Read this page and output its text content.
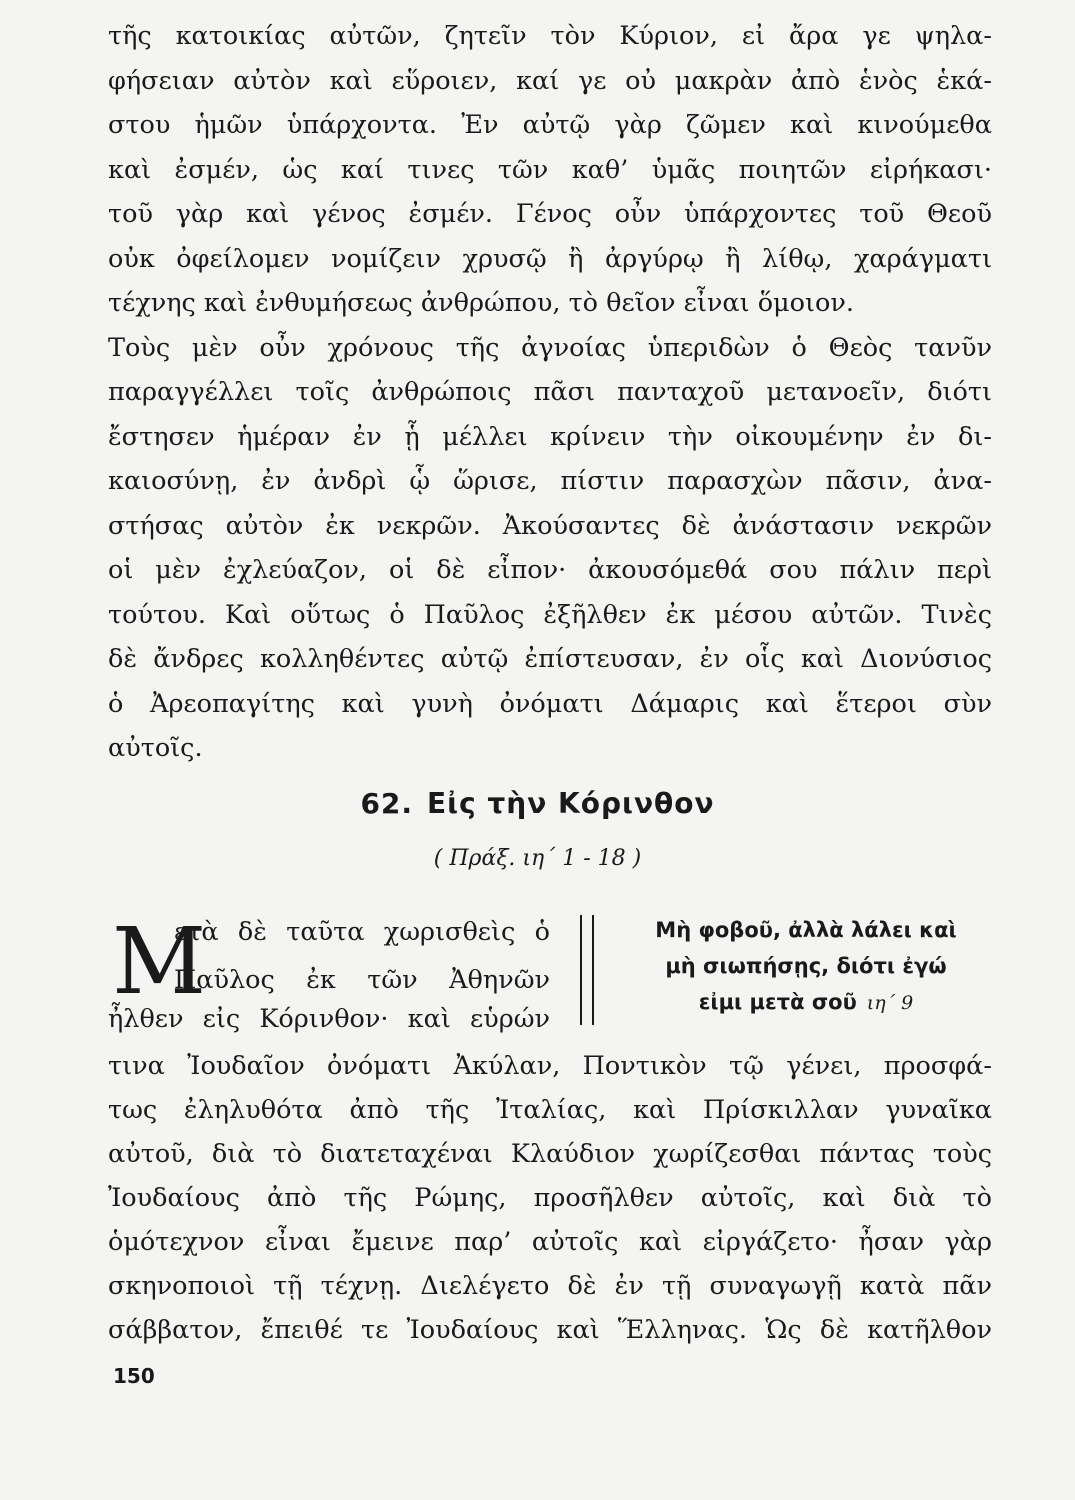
τῆς κατοικίας αὐτῶν, ζητεῖν τὸν Κύριον, εἰ ἄρα γε ψηλα-
φήσειαν αὐτὸν καὶ εὕροιεν, καί γε οὐ μακρὰν ἀπὸ ἑνὸς ἑκά-
στου ἡμῶν ὑπάρχοντα. Ἐν αὐτῷ γὰρ ζῶμεν καὶ κινούμεθα
καὶ ἐσμέν, ὡς καί τινες τῶν καθ’ ὑμᾶς ποιητῶν εἰρήκασι·
τοῦ γὰρ καὶ γένος ἐσμέν. Γένος οὖν ὑπάρχοντες τοῦ Θεοῦ
οὐκ ὀφείλομεν νομίζειν χρυσῷ ἢ ἀργύρῳ ἢ λίθῳ, χαράγματι
τέχνης καὶ ἐνθυμήσεως ἀνθρώπου, τὸ θεῖον εἶναι ὅμοιον.
Τοὺς μὲν οὖν χρόνους τῆς ἀγνοίας ὑπεριδὼν ὁ Θεὸς τανῦν
παραγγέλλει τοῖς ἀνθρώποις πᾶσι πανταχοῦ μετανοεῖν, διότι
ἔστησεν ἡμέραν ἐν ᾗ μέλλει κρίνειν τὴν οἰκουμένην ἐν δι-
καιοσύνῃ, ἐν ἀνδρὶ ᾧ ὥρισε, πίστιν παρασχὼν πᾶσιν, ἀνα-
στήσας αὐτὸν ἐκ νεκρῶν. Ἀκούσαντες δὲ ἀνάστασιν νεκρῶν
οἱ μὲν ἐχλεύαζον, οἱ δὲ εἶπον· ἀκουσόμεθά σου πάλιν περὶ
τούτου. Καὶ οὕτως ὁ Παῦλος ἐξῆλθεν ἐκ μέσου αὐτῶν. Τινὲς
δὲ ἄνδρες κολληθέντες αὐτῷ ἐπίστευσαν, ἐν οἷς καὶ Διονύσιος
ὁ Ἀρεοπαγίτης καὶ γυνὴ ὀνόματι Δάμαρις καὶ ἕτεροι σὺν
αὐτοῖς.
62. Εἰς τὴν Κόρινθον
( Πράξ. ιη΄ 1 - 18 )
Μ
ετὰ δὲ ταῦτα χωρισθεὶς ὁ
Παῦλος ἐκ τῶν Ἀθηνῶν
ἦλθεν εἰς Κόρινθον· καὶ εὑρών
Μὴ φοβοῦ, ἀλλὰ λάλει καὶ
μὴ σιωπήσῃς, διότι ἐγώ
εἰμι μετὰ σοῦ ιη΄ 9
τινα Ἰουδαῖον ὀνόματι Ἀκύλαν, Ποντικὸν τῷ γένει, προσφά-
τως ἐληλυθότα ἀπὸ τῆς Ἰταλίας, καὶ Πρίσκιλλαν γυναῖκα
αὐτοῦ, διὰ τὸ διατεταχέναι Κλαύδιον χωρίζεσθαι πάντας τοὺς
Ἰουδαίους ἀπὸ τῆς Ρώμης, προσῆλθεν αὐτοῖς, καὶ διὰ τὸ
ὁμότεχνον εἶναι ἔμεινε παρ’ αὐτοῖς καὶ εἰργάζετο· ἦσαν γὰρ
σκηνοποιοὶ τῇ τέχνῃ. Διελέγετο δὲ ἐν τῇ συναγωγῇ κατὰ πᾶν
σάββατον, ἔπειθέ τε Ἰουδαίους καὶ Ἕλληνας. Ὡς δὲ κατῆλθον
150
